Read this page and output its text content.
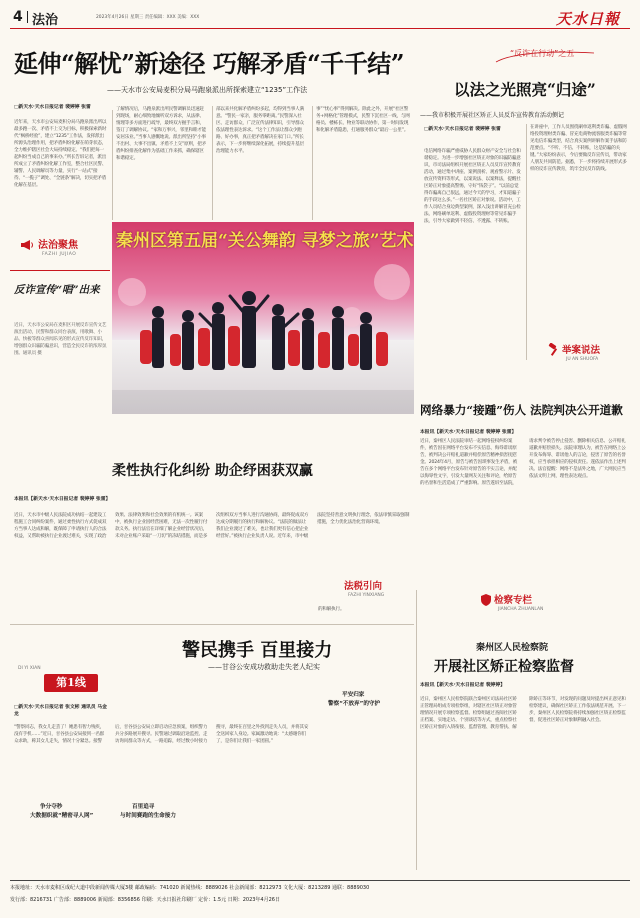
4 法治	2023年4月26日 星期三 责任编辑：XXX 美编：XXX	天水日報
延伸“解忧”新途径 巧解矛盾“千千结”
——天水市公安局麦积分局马跑泉派出所探索建立“1235”工作法
□新天水·天水日报记者 裴婷婷 张雷
近年来，天水市公安局麦积分局马跑泉派出所以最多跑一次、矛盾不上交为目标，积极探索新时代“枫桥经验”，建立“1235”工作法，发挥派出所源头治理作用，把矛盾纠纷化解在萌芽状态，全力维护辖区社会大局持续稳定。“我们把每一起纠纷当成自己的事来办。”所长告诉记者，派出所成立了矛盾纠纷化解工作室，整合社区民警、辅警、人民调解员等力量，实行“一站式”接待、“一揽子”调处、“全链条”解决，切实把矛盾化解在基层。
法治聚焦
FAZHI JUJIAO
了解情况后，马跑泉派出所民警调解员迅速赶到现场，耐心细致地倾听双方诉求，从法律、情理等多方面进行疏导，最终双方握手言和，签订了调解协议。“家和万事兴，邻里和睦才能安居乐业。”当事人感慨地说。派出所坚持“小事不出村、大事不出镇、矛盾不上交”原则，把矛盾纠纷排查化解作为基础工作来抓，确保辖区和谐稳定。
部以来共化解矛盾纠纷多起，均得到当事人满意。“警民一家亲，服务零距离。”民警深入社区、走访群众，广泛宣传法律知识，引导群众依法理性表达诉求。“这个工作法让群众少跑路、好办事，真正把矛盾解决在家门口。”所长表示，下一步将继续深化拓展，持续提升基层治理能力水平。
事”“忧心事”得到解决。除此之外，开展“社区警务+网格化”管理模式，民警下沉社区一线，与网格员、楼栋长、物业等联动协作，第一时间发现和化解矛盾隐患，打通服务群众“最后一公里”。
秦州区第五届“关公舞韵 寻梦之旅”艺术
反诈宣传“唱”出来
近日，天水市公安局在麦积区开展反诈宣传文艺演出活动，民警和群众同台表演，用歌舞、小品、快板等群众喜闻乐见的形式宣传反诈知识，增强群众识骗防骗意识，营造全民反诈的浓厚氛围。通讯员 摄
“反诈在行动”之五
以法之光照亮“归途”
——我市积极开展社区矫正人员反诈宣传教育活动侧记
□新天水·天水日报记者 裴婷婷 张雷
电信网络诈骗严重威胁人民群众财产安全与社会和谐稳定。为进一步增强社区矫正对象的识骗防骗意识，市司法局组织开展社区矫正人员反诈宣传教育活动，通过集中讲座、案例剖析、观看警示片、发放宣传资料等形式，以案说法、以案释法，提醒社区矫正对象提高警惕，守好“钱袋子”。“以前总觉得诈骗离自己很远，通过今天的学习，才知道骗子的手段这么多。”一名社区矫正对象说。活动中，工作人员结合身边典型案例，深入浅出讲解冒充公检法、网络刷单返利、虚假投资理财等常见诈骗手法，引导大家做到不轻信、不透露、不转账。
在讲座中，工作人员围绕刷单返利类诈骗、虚假网络投资理财类诈骗、冒充电商物流客服类诈骗等常见电信诈骗类型，结合真实案例讲解作案手法和防范要点。“不听、不信、不转账，这是防骗的关键。”大家纷纷表示，今后要做反诈宣传员，带动家人朋友共同防范。据悉，下一步将持续开展形式多样的反诈宣传教育，筑牢全民反诈防线。
举案说法
JU AN SHUOFA
网络暴力“接踵”伤人 法院判决公开道歉
本报讯【新天水·天水日报记者 裴婷婷 张雷】
近日，秦州区人民法院审结一起网络侵权纠纷案件，被告因在网络平台发布不实信息、侮辱诽谤原告，被判决公开赔礼道歉并赔偿原告精神损害抚慰金。2024年4月，原告与被告因琐事发生矛盾，被告在多个网络平台发布针对原告的不实言论，并配以侮辱性文字，引发大量网友关注和评论，给原告的名誉和生活造成了严重影响。原告遂诉至法院，请求判令被告停止侵害、删除相关信息、公开赔礼道歉并赔偿损失。法院审理认为，被告在网络上公开发布侮辱、诽谤他人的言论，侵害了原告的名誉权，应当承担相应的侵权责任。遂依法作出上述判决。法官提醒：网络不是法外之地，广大网民应当依法文明上网，理性表达观点。
柔性执行化纠纷 助企纾困获双赢
本报讯【新天水·天水日报记者 裴婷婷 张雷】
近日，天水市中级人民法院成功执结一起建设工程施工合同纠纷案件，通过柔性执行方式促成双方当事人达成和解，既保障了申请执行人的合法权益，又帮助被执行企业渡过难关，实现了政治效果、法律效果和社会效果的有机统一。该案中，被执行企业因经营困难，无法一次性履行付款义务。执行法官在详细了解企业经营状况后，未对企业账户采取“一刀切”的冻结措施，而是多次组织双方当事人进行沟通协商，最终促成双方达成分期履行的执行和解协议。“法院的做法让我们企业渡过了难关，也让我们更有信心把企业经营好。”被执行企业负责人说。近年来，市中级法院坚持善意文明执行理念，依法审慎采取强制措施，全力优化法治化营商环境。
的和解执行。
法税引向
FAZHI YINXIANG
DI YI XIAN
第1线
警民携手 百里接力
——甘谷公安成功救助走失老人纪实
□新天水·天水日报记者 张文彬 通讯员 马金龙
“警察同志，我女儿走丢了！她患有智力残疾，没有手机……”近日，甘谷县公安局接到一名群众求助，称其女儿走失，情况十分紧急。接警后，甘谷县公安局立即启动应急预案，组织警力兵分多路展开搜寻。民警通过调取沿途监控、走访询问群众等方式，一路追踪，经过数小时接力搜寻，最终在百里之外找到走失人员，并将其安全送回家人身边。家属激动地说：“太感谢你们了，是你们让我们一家团圆。”
争分夺秒
大数据织就“精密寻人网”
百里追寻
与时间赛跑的生命接力
平安归家
警察“不放弃”的守护
检察专栏
JIANCHA ZHUANLAN
秦州区人民检察院
开展社区矫正检察监督
本报讯【新天水·天水日报记者 裴婷婷】
近日，秦州区人民检察院联合秦州区司法局社区矫正管理局组成专项检察组，对辖区社区矫正对象管理情况开展专项检察监督。检察组通过查阅社区矫正档案、实地走访、个别谈话等方式，重点检察社区矫正对象的入矫衔接、监督管理、教育帮扶、解除矫正等环节，对发现的问题及时提出纠正意见和检察建议，确保社区矫正工作依法规范开展。下一步，秦州区人民检察院将持续加强社区矫正检察监督，促进社区矫正对象顺利融入社会。
本报地址：天水市麦积区成纪大道中段新闻传媒大厦3楼 邮政编码：741020 新闻热线：8889026 社会新闻部：8212973 文化大厦：8213289 通联：8889030
发行部：8216731 广告部：8889006 新闻部：8356856 印刷：天水日报社印刷厂 定价：1.5元 日期：2023年4月26日
